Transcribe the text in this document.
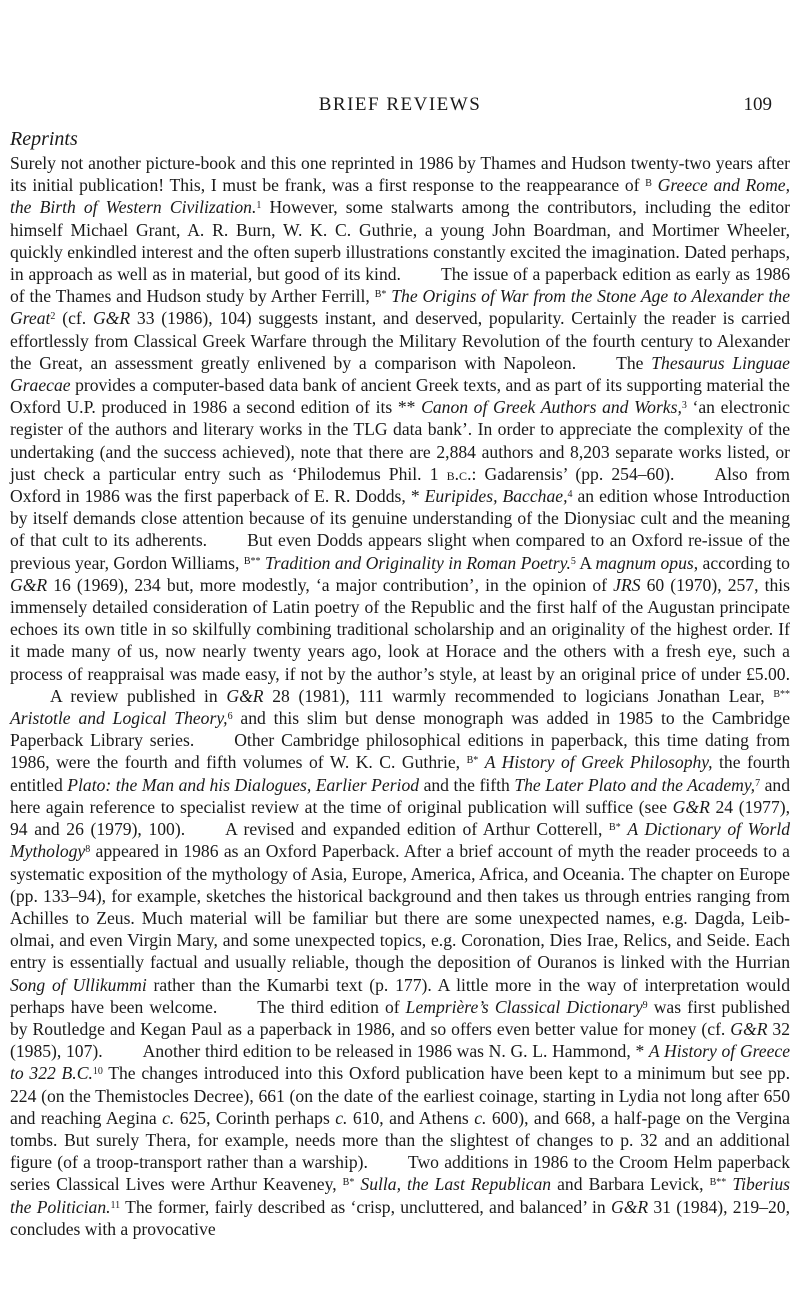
BRIEF REVIEWS	109
Reprints

Surely not another picture-book and this one reprinted in 1986 by Thames and Hudson twenty-two years after its initial publication! This, I must be frank, was a first response to the reappearance of $^B$ Greece and Rome, the Birth of Western Civilization.$^1$ However, some stalwarts among the contributors, including the editor himself Michael Grant, A. R. Burn, W. K. C. Guthrie, a young John Boardman, and Mortimer Wheeler, quickly enkindled interest and the often superb illustrations constantly excited the imagination. Dated perhaps, in approach as well as in material, but good of its kind. The issue of a paperback edition as early as 1986 of the Thames and Hudson study by Arther Ferrill, $^{B*}$ The Origins of War from the Stone Age to Alexander the Great$^2$ (cf. G&R 33 (1986), 104) suggests instant, and deserved, popularity. Certainly the reader is carried effortlessly from Classical Greek Warfare through the Military Revolution of the fourth century to Alexander the Great, an assessment greatly enlivened by a comparison with Napoleon. The Thesaurus Linguae Graecae provides a computer-based data bank of ancient Greek texts, and as part of its supporting material the Oxford U.P. produced in 1986 a second edition of its ** Canon of Greek Authors and Works,$^3$ ‘an electronic register of the authors and literary works in the TLG data bank’. In order to appreciate the complexity of the undertaking (and the success achieved), note that there are 2,884 authors and 8,203 separate works listed, or just check a particular entry such as ‘Philodemus Phil. 1 b.c.: Gadarensis’ (pp. 254–60). Also from Oxford in 1986 was the first paperback of E. R. Dodds, * Euripides, Bacchae,$^4$ an edition whose Introduction by itself demands close attention because of its genuine understanding of the Dionysiac cult and the meaning of that cult to its adherents. But even Dodds appears slight when compared to an Oxford re-issue of the previous year, Gordon Williams, $^{B**}$ Tradition and Originality in Roman Poetry.$^5$ A magnum opus, according to G&R 16 (1969), 234 but, more modestly, ‘a major contribution’, in the opinion of JRS 60 (1970), 257, this immensely detailed consideration of Latin poetry of the Republic and the first half of the Augustan principate echoes its own title in so skilfully combining traditional scholarship and an originality of the highest order. If it made many of us, now nearly twenty years ago, look at Horace and the others with a fresh eye, such a process of reappraisal was made easy, if not by the author’s style, at least by an original price of under £5.00.A review published in G&R 28 (1981), 111 warmly recommended to logicians Jonathan Lear, $^{B**}$ Aristotle and Logical Theory,$^6$ and this slim but dense monograph was added in 1985 to the Cambridge Paperback Library series. Other Cambridge philosophical editions in paperback, this time dating from 1986, were the fourth and fifth volumes of W. K. C. Guthrie, $^{B*}$ A History of Greek Philosophy, the fourth entitled Plato: the Man and his Dialogues, Earlier Period and the fifth The Later Plato and the Academy,$^7$ and here again reference to specialist review at the time of original publication will suffice (see G&R 24 (1977), 94 and 26 (1979), 100). A revised and expanded edition of Arthur Cotterell, $^{B*}$ A Dictionary of World Mythology$^8$ appeared in 1986 as an Oxford Paperback. After a brief account of myth the reader proceeds to a systematic exposition of the mythology of Asia, Europe, America, Africa, and Oceania. The chapter on Europe (pp. 133–94), for example, sketches the historical background and then takes us through entries ranging from Achilles to Zeus. Much material will be familiar but there are some unexpected names, e.g. Dagda, Leib-olmai, and even Virgin Mary, and some unexpected topics, e.g. Coronation, Dies Irae, Relics, and Seide. Each entry is essentially factual and usually reliable, though the deposition of Ouranos is linked with the Hurrian Song of Ullikummi rather than the Kumarbi text (p. 177). A little more in the way of interpretation would perhaps have been welcome. The third edition of Lemprière’s Classical Dictionary$^9$ was first published by Routledge and Kegan Paul as a paperback in 1986, and so offers even better value for money (cf. G&R 32 (1985), 107). Another third edition to be released in 1986 was N. G. L. Hammond, * A History of Greece to 322 B.C.$^{10}$ The changes introduced into this Oxford publication have been kept to a minimum but see pp. 224 (on the Themistocles Decree), 661 (on the date of the earliest coinage, starting in Lydia not long after 650 and reaching Aegina c. 625, Corinth perhaps c. 610, and Athens c. 600), and 668, a half-page on the Vergina tombs. But surely Thera, for example, needs more than the slightest of changes to p. 32 and an additional figure (of a troop-transport rather than a warship). Two additions in 1986 to the Croom Helm paperback series Classical Lives were Arthur Keaveney, $^{B*}$ Sulla, the Last Republican and Barbara Levick, $^{B**}$ Tiberius the Politician.$^{11}$ The former, fairly described as ‘crisp, uncluttered, and balanced’ in G&R 31 (1984), 219–20, concludes with a provocative
